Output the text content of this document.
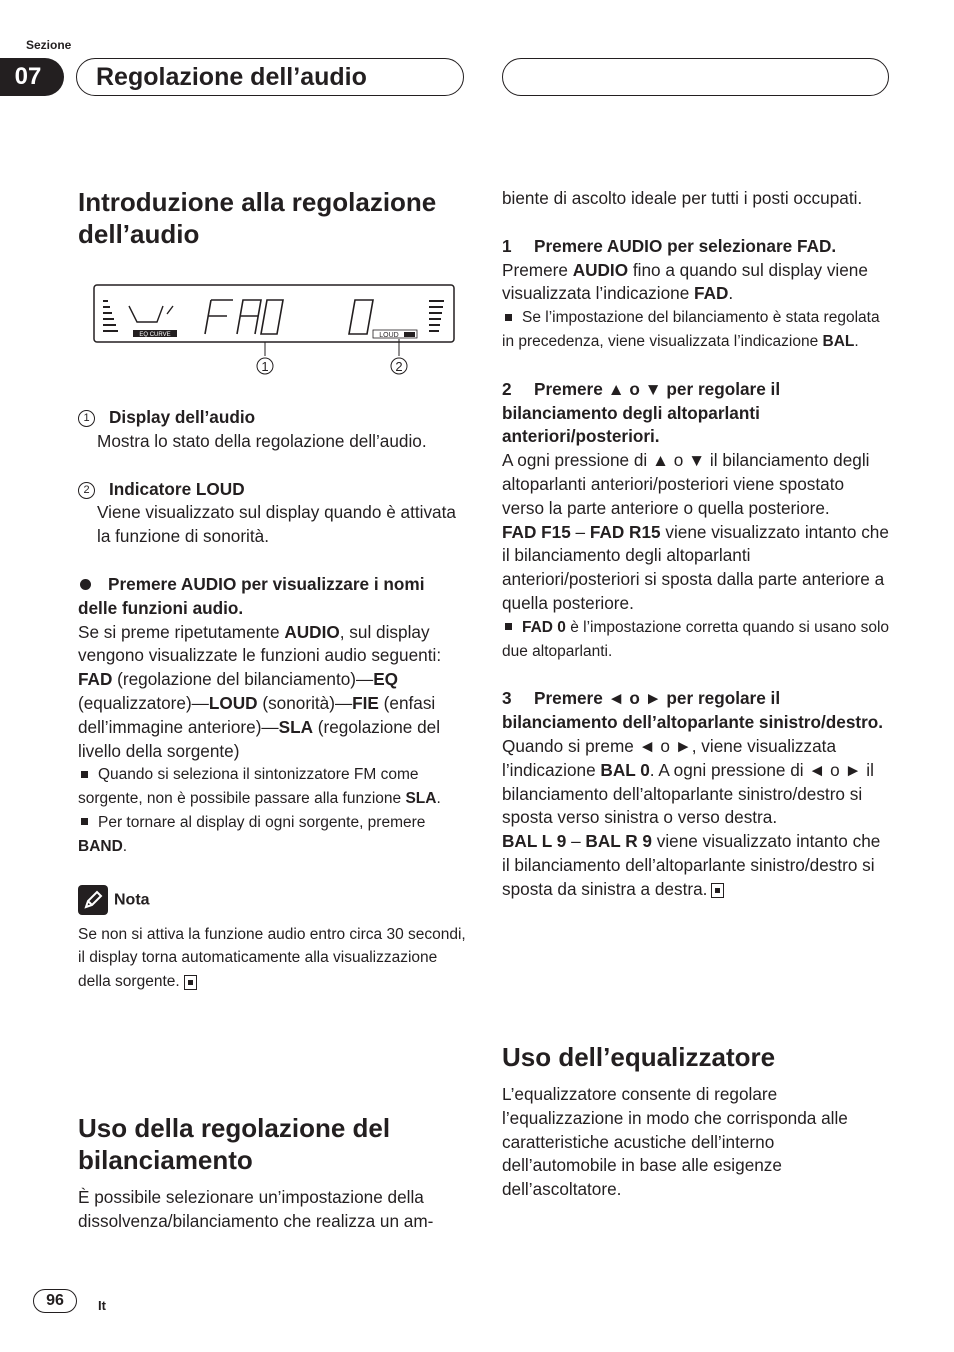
Sezione
07	Regolazione dell’audio
Introduzione alla regolazione dell’audio
EQ CURVE	LOUD
1	2

1 Display dell’audio

Mostra lo stato della regolazione dell’audio.

2 Indicatore LOUD

Viene visualizzato sul display quando è attivata la funzione di sonorità.

Premere AUDIO per visualizzare i nomi delle funzioni audio.

Se si preme ripetutamente AUDIO, sul display vengono visualizzate le funzioni audio seguenti:

FAD (regolazione del bilanciamento)—EQ (equalizzatore)—LOUD (sonorità)—FIE (enfasi dell’immagine anteriore)—SLA (regolazione del livello della sorgente)

Quando si seleziona il sintonizzatore FM come sorgente, non è possibile passare alla funzione SLA.

Per tornare al display di ogni sorgente, premere BAND.

Nota

Se non si attiva la funzione audio entro circa 30 secondi, il display torna automaticamente alla visualizzazione della sorgente.

Uso della regolazione del bilanciamento

È possibile selezionare un’impostazione della dissolvenza/bilanciamento che realizza un am-

biente di ascolto ideale per tutti i posti occupati.

1 Premere AUDIO per selezionare FAD.

Premere AUDIO fino a quando sul display viene visualizzata l’indicazione FAD.

Se l’impostazione del bilanciamento è stata regolata in precedenza, viene visualizzata l’indicazione BAL.

2 Premere ▲ o ▼ per regolare il bilanciamento degli altoparlanti anteriori/posteriori.

A ogni pressione di ▲ o ▼ il bilanciamento degli altoparlanti anteriori/posteriori viene spostato verso la parte anteriore o quella posteriore.

FAD F15 – FAD R15 viene visualizzato intanto che il bilanciamento degli altoparlanti anteriori/posteriori si sposta dalla parte anteriore a quella posteriore.

FAD 0 è l’impostazione corretta quando si usano solo due altoparlanti.

3 Premere ◄ o ► per regolare il bilanciamento dell’altoparlante sinistro/destro.

Quando si preme ◄ o ►, viene visualizzata l’indicazione BAL 0. A ogni pressione di ◄ o ► il bilanciamento dell’altoparlante sinistro/destro si sposta verso sinistra o verso destra.

BAL L 9 – BAL R 9 viene visualizzato intanto che il bilanciamento dell’altoparlante sinistro/destro si sposta da sinistra a destra.

Uso dell’equalizzatore

L’equalizzatore consente di regolare l’equalizzazione in modo che corrisponda alle caratteristiche acustiche dell’interno dell’automobile in base alle esigenze dell’ascoltatore.

96	It
